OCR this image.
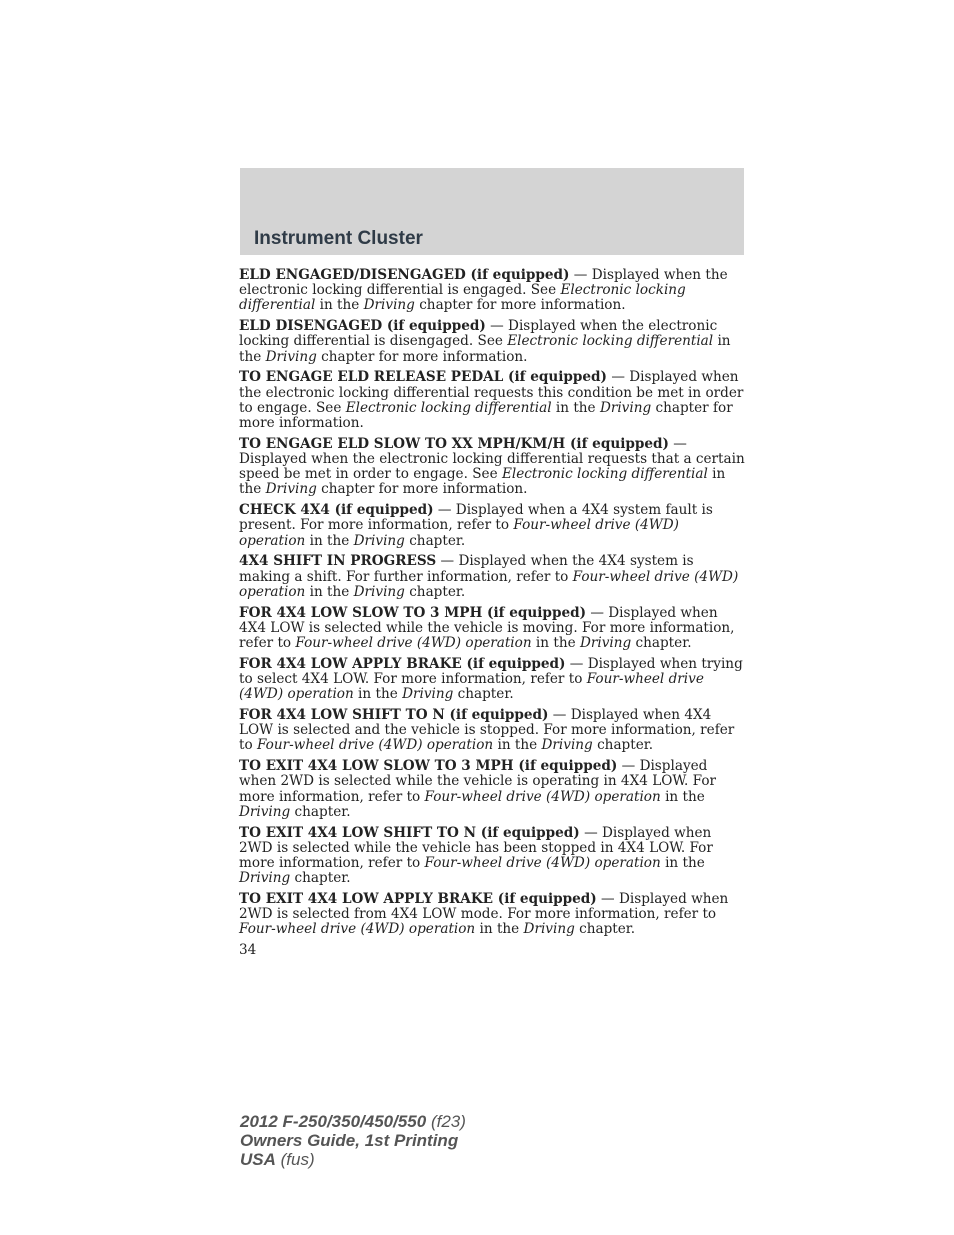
Instrument Cluster

ELD ENGAGED/DISENGAGED (if equipped) — Displayed when the electronic locking differential is engaged. See Electronic locking differential in the Driving chapter for more information.

ELD DISENGAGED (if equipped) — Displayed when the electronic locking differential is disengaged. See Electronic locking differential in the Driving chapter for more information.

TO ENGAGE ELD RELEASE PEDAL (if equipped) — Displayed when the electronic locking differential requests this condition be met in order to engage. See Electronic locking differential in the Driving chapter for more information.

TO ENGAGE ELD SLOW TO XX MPH/KM/H (if equipped) — Displayed when the electronic locking differential requests that a certain speed be met in order to engage. See Electronic locking differential in the Driving chapter for more information.

CHECK 4X4 (if equipped) — Displayed when a 4X4 system fault is present. For more information, refer to Four-wheel drive (4WD) operation in the Driving chapter.

4X4 SHIFT IN PROGRESS — Displayed when the 4X4 system is making a shift. For further information, refer to Four-wheel drive (4WD) operation in the Driving chapter.

FOR 4X4 LOW SLOW TO 3 MPH (if equipped) — Displayed when 4X4 LOW is selected while the vehicle is moving. For more information, refer to Four-wheel drive (4WD) operation in the Driving chapter.

FOR 4X4 LOW APPLY BRAKE (if equipped) — Displayed when trying to select 4X4 LOW. For more information, refer to Four-wheel drive (4WD) operation in the Driving chapter.

FOR 4X4 LOW SHIFT TO N (if equipped) — Displayed when 4X4 LOW is selected and the vehicle is stopped. For more information, refer to Four-wheel drive (4WD) operation in the Driving chapter.

TO EXIT 4X4 LOW SLOW TO 3 MPH (if equipped) — Displayed when 2WD is selected while the vehicle is operating in 4X4 LOW. For more information, refer to Four-wheel drive (4WD) operation in the Driving chapter.

TO EXIT 4X4 LOW SHIFT TO N (if equipped) — Displayed when 2WD is selected while the vehicle has been stopped in 4X4 LOW. For more information, refer to Four-wheel drive (4WD) operation in the Driving chapter.

TO EXIT 4X4 LOW APPLY BRAKE (if equipped) — Displayed when 2WD is selected from 4X4 LOW mode. For more information, refer to Four-wheel drive (4WD) operation in the Driving chapter.

34

2012 F-250/350/450/550 (f23)
Owners Guide, 1st Printing
USA (fus)
